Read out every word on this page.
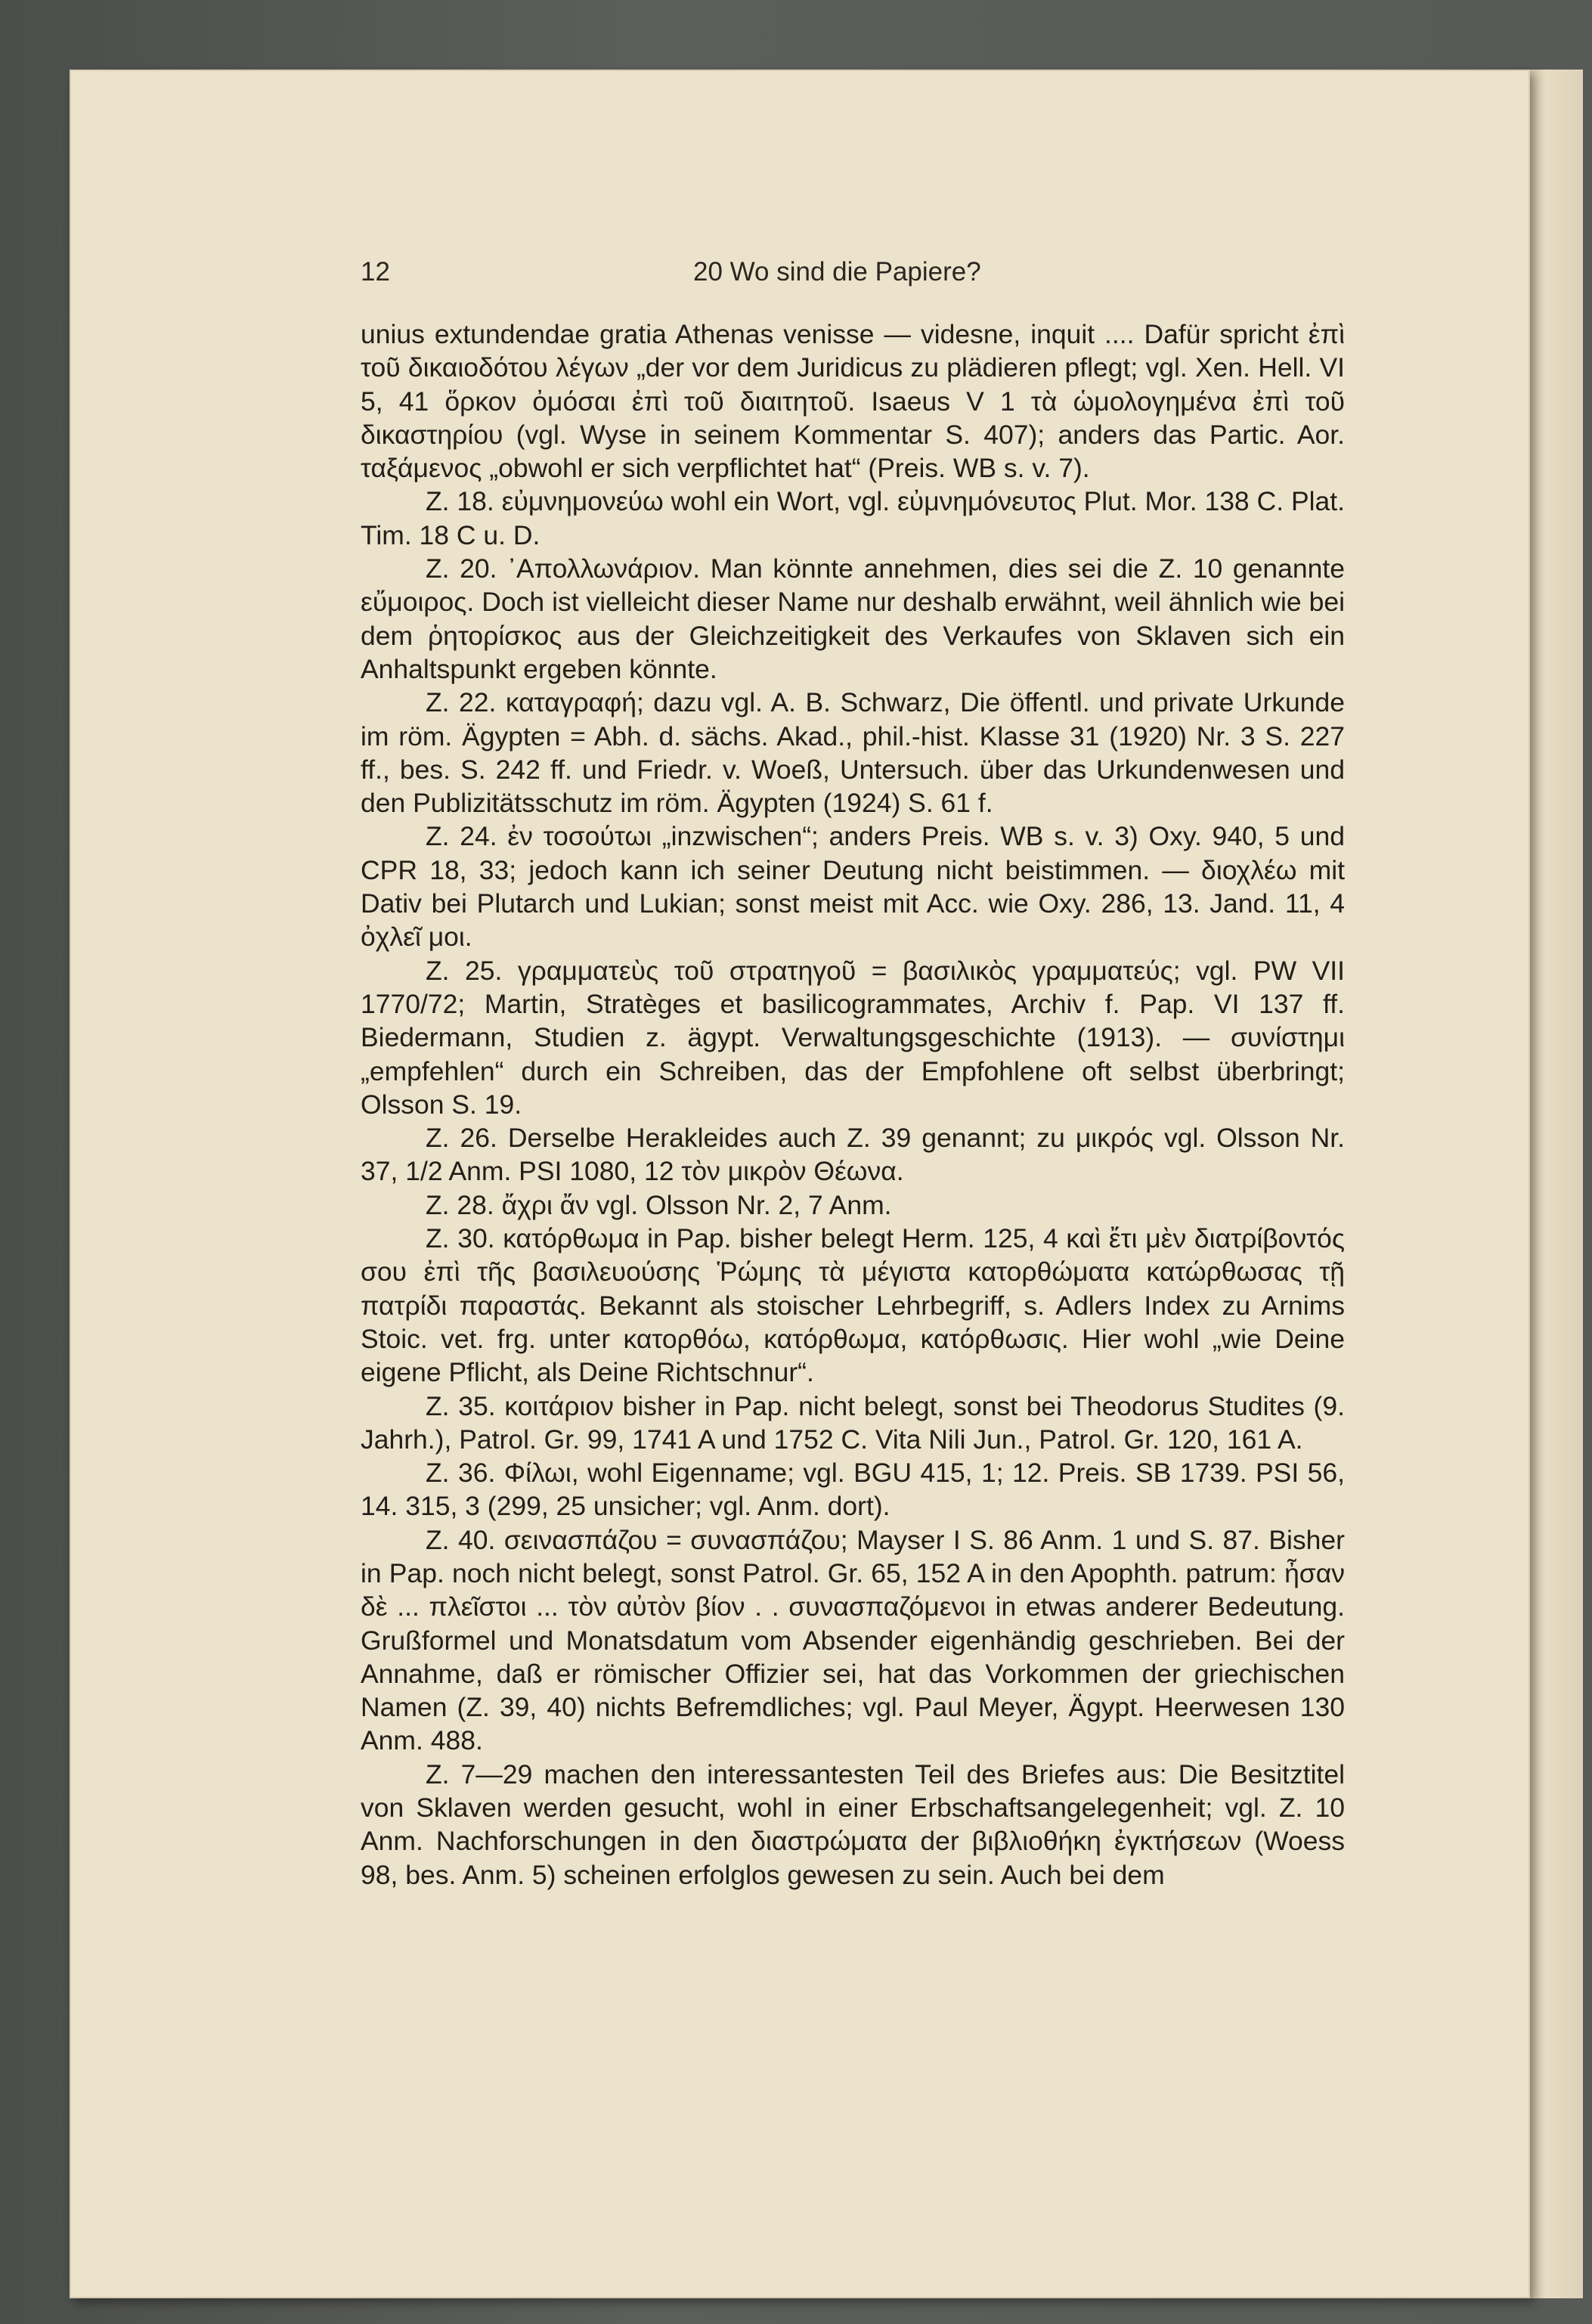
12	20 Wo sind die Papiere?

unius extundendae gratia Athenas venisse — videsne, inquit .... Dafür spricht ἐπὶ τοῦ δικαιοδότου λέγων „der vor dem Juridicus zu plädieren pflegt; vgl. Xen. Hell. VI 5, 41 ὅρκον ὀμόσαι ἐπὶ τοῦ διαιτητοῦ. Isaeus V 1 τὰ ὡμολογημένα ἐπὶ τοῦ δικαστηρίου (vgl. Wyse in seinem Kommentar S. 407); anders das Partic. Aor. ταξάμενος „obwohl er sich verpflichtet hat“ (Preis. WB s. v. 7).

Z. 18. εὐμνημονεύω wohl ein Wort, vgl. εὐμνημόνευτος Plut. Mor. 138 C. Plat. Tim. 18 C u. D.

Z. 20. ᾿Απολλωνάριον. Man könnte annehmen, dies sei die Z. 10 genannte εὔμοιρος. Doch ist vielleicht dieser Name nur deshalb erwähnt, weil ähnlich wie bei dem ῥητορίσκος aus der Gleichzeitigkeit des Verkaufes von Sklaven sich ein Anhaltspunkt ergeben könnte.

Z. 22. καταγραφή; dazu vgl. A. B. Schwarz, Die öffentl. und private Urkunde im röm. Ägypten = Abh. d. sächs. Akad., phil.-hist. Klasse 31 (1920) Nr. 3 S. 227 ff., bes. S. 242 ff. und Friedr. v. Woeß, Untersuch. über das Urkundenwesen und den Publizitätsschutz im röm. Ägypten (1924) S. 61 f.

Z. 24. ἐν τοσούτωι „inzwischen“; anders Preis. WB s. v. 3) Oxy. 940, 5 und CPR 18, 33; jedoch kann ich seiner Deutung nicht beistimmen. — διοχλέω mit Dativ bei Plutarch und Lukian; sonst meist mit Acc. wie Oxy. 286, 13. Jand. 11, 4 ὀχλεῖ μοι.

Z. 25. γραμματεὺς τοῦ στρατηγοῦ = βασιλικὸς γραμματεύς; vgl. PW VII 1770/72; Martin, Stratèges et basilicogrammates, Archiv f. Pap. VI 137 ff. Biedermann, Studien z. ägypt. Verwaltungsgeschichte (1913). — συνίστημι „empfehlen“ durch ein Schreiben, das der Empfohlene oft selbst überbringt; Olsson S. 19.

Z. 26. Derselbe Herakleides auch Z. 39 genannt; zu μικρός vgl. Olsson Nr. 37, 1/2 Anm. PSI 1080, 12 τὸν μικρὸν Θέωνα.

Z. 28. ἄχρι ἄν vgl. Olsson Nr. 2, 7 Anm.

Z. 30. κατόρθωμα in Pap. bisher belegt Herm. 125, 4 καὶ ἔτι μὲν διατρίβοντός σου ἐπὶ τῆς βασιλευούσης Ῥώμης τὰ μέγιστα κατορθώματα κατώρθωσας τῇ πατρίδι παραστάς. Bekannt als stoischer Lehrbegriff, s. Adlers Index zu Arnims Stoic. vet. frg. unter κατορθόω, κατόρθωμα, κατόρθωσις. Hier wohl „wie Deine eigene Pflicht, als Deine Richtschnur“.

Z. 35. κοιτάριον bisher in Pap. nicht belegt, sonst bei Theodorus Studites (9. Jahrh.), Patrol. Gr. 99, 1741 A und 1752 C. Vita Nili Jun., Patrol. Gr. 120, 161 A.

Z. 36. Φίλωι, wohl Eigenname; vgl. BGU 415, 1; 12. Preis. SB 1739. PSI 56, 14. 315, 3 (299, 25 unsicher; vgl. Anm. dort).

Z. 40. σεινασπάζου = συνασπάζου; Mayser I S. 86 Anm. 1 und S. 87. Bisher in Pap. noch nicht belegt, sonst Patrol. Gr. 65, 152 A in den Apophth. patrum: ἦσαν δὲ ... πλεῖστοι ... τὸν αὐτὸν βίον . . συνασπαζόμενοι in etwas anderer Bedeutung. Grußformel und Monatsdatum vom Absender eigenhändig geschrieben. Bei der Annahme, daß er römischer Offizier sei, hat das Vorkommen der griechischen Namen (Z. 39, 40) nichts Befremdliches; vgl. Paul Meyer, Ägypt. Heerwesen 130 Anm. 488.

Z. 7—29 machen den interessantesten Teil des Briefes aus: Die Besitztitel von Sklaven werden gesucht, wohl in einer Erbschaftsangelegenheit; vgl. Z. 10 Anm. Nachforschungen in den διαστρώματα der βιβλιοθήκη ἐγκτήσεων (Woess 98, bes. Anm. 5) scheinen erfolglos gewesen zu sein. Auch bei dem
